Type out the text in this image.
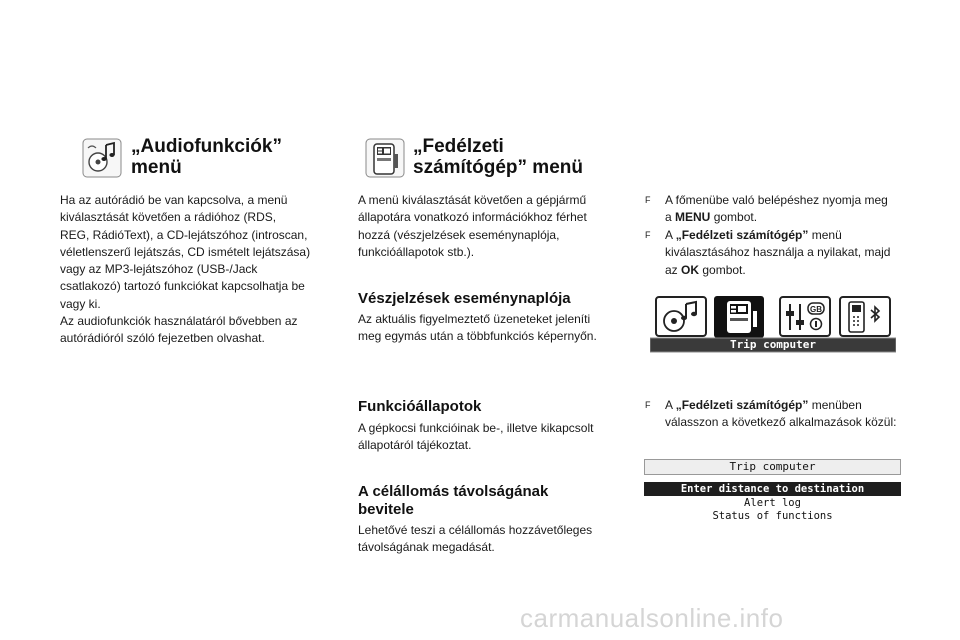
„Audiofunkciók”
menü
Ha az autórádió be van kapcsolva, a menü
kiválasztását követően a rádióhoz (RDS,
REG, RádióText), a CD-lejátszóhoz (introscan,
véletlenszerű lejátszás, CD ismételt lejátszása)
vagy az MP3-lejátszóhoz (USB-/Jack
csatlakozó) tartozó funkciókat kapcsolhatja be
vagy ki.
Az audiofunkciók használatáról bővebben az
autórádióról szóló fejezetben olvashat.
„Fedélzeti
számítógép” menü
A menü kiválasztását követően a gépjármű
állapotára vonatkozó információkhoz férhet
hozzá (vészjelzések eseménynaplója,
funkcióállapotok stb.).
Vészjelzések eseménynaplója
Az aktuális figyelmeztető üzeneteket jeleníti
meg egymás után a többfunkciós képernyőn.
Funkcióállapotok
A gépkocsi funkcióinak be-, illetve kikapcsolt
állapotáról tájékoztat.
A célállomás távolságának
bevitele
Lehetővé teszi a célállomás hozzávetőleges
távolságának megadását.
F A főmenübe való belépéshez nyomja meg
a MENU gombot.
F A „Fedélzeti számítógép” menü
kiválasztásához használja a nyilakat, majd
az OK gombot.
GB
Trip computer
F A „Fedélzeti számítógép” menüben
válasszon a következő alkalmazások közül:
Trip computer
Enter distance to destination
Alert log
Status of functions
carmanualsonline.info
